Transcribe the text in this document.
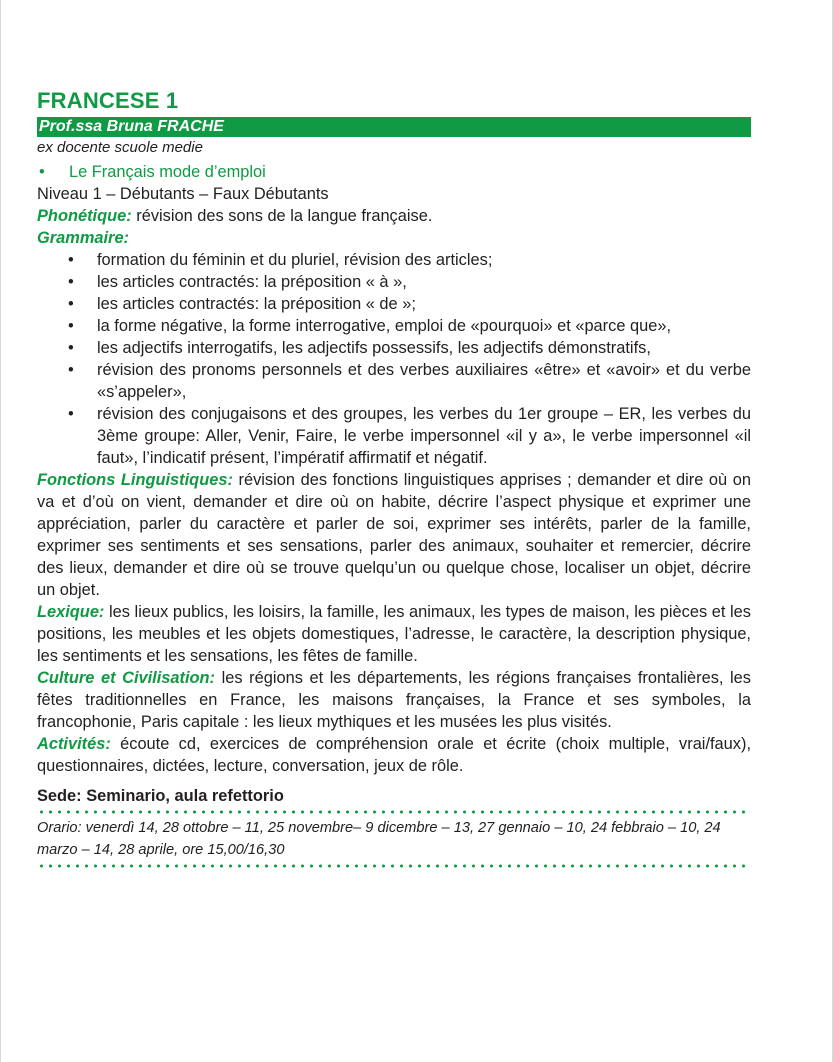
FRANCESE 1
Prof.ssa Bruna FRACHE
ex docente scuole medie
• Le Français mode d’emploi
Niveau 1 – Débutants – Faux Débutants
Phonétique: révision des sons de la langue française.
Grammaire:
• formation du féminin et du pluriel, révision des articles;
• les articles contractés: la préposition « à »,
• les articles contractés: la préposition « de »;
• la forme négative, la forme interrogative, emploi de «pourquoi» et «parce que»,
• les adjectifs interrogatifs, les adjectifs possessifs, les adjectifs démonstratifs,
• révision des pronoms personnels et des verbes auxiliaires «être» et «avoir» et du verbe «s’appeler»,
• révision des conjugaisons et des groupes, les verbes du 1er groupe – ER, les verbes du 3ème groupe: Aller, Venir, Faire, le verbe impersonnel «il y a», le verbe impersonnel «il faut», l’indicatif présent, l’impératif affirmatif et négatif.
Fonctions Linguistiques: révision des fonctions linguistiques apprises ; demander et dire où on va et d’où on vient, demander et dire où on habite, décrire l’aspect physique et exprimer une appréciation, parler du caractère et parler de soi, exprimer ses intérêts, parler de la famille, exprimer ses sentiments et ses sensations, parler des animaux, souhaiter et remercier, décrire des lieux, demander et dire où se trouve quelqu’un ou quelque chose, localiser un objet, décrire un objet.
Lexique: les lieux publics, les loisirs, la famille, les animaux, les types de maison, les pièces et les positions, les meubles et les objets domestiques, l’adresse, le caractère, la description physique, les sentiments et les sensations, les fêtes de famille.
Culture et Civilisation: les régions et les départements, les régions françaises frontalières, les fêtes traditionnelles en France, les maisons françaises, la France et ses symboles, la francophonie, Paris capitale : les lieux mythiques et les musées les plus visités.
Activités: écoute cd, exercices de compréhension orale et écrite (choix multiple, vrai/faux), questionnaires, dictées, lecture, conversation, jeux de rôle.
Sede: Seminario, aula refettorio
Orario: venerdì 14, 28 ottobre – 11, 25 novembre– 9 dicembre – 13, 27 gennaio – 10, 24 febbraio – 10, 24 marzo – 14, 28 aprile, ore 15,00/16,30
